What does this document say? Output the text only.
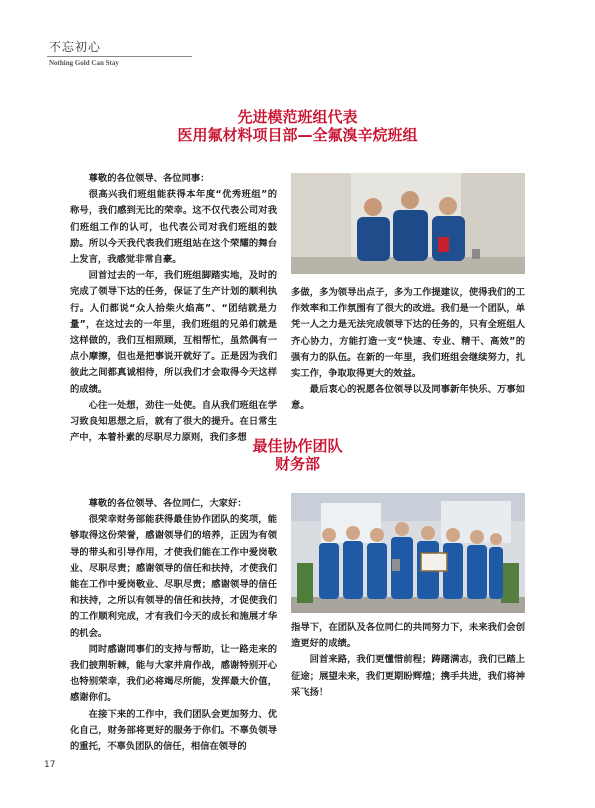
不忘初心
Nothing Gold Can Stay
先进模范班组代表
医用氟材料项目部—全氟溴辛烷班组

尊敬的各位领导、各位同事：

很高兴我们班组能获得本年度“优秀班组”的称号，我们感到无比的荣幸。这不仅代表公司对我们班组工作的认可，也代表公司对我们班组的鼓励。所以今天我代表我们班组站在这个荣耀的舞台上发言，我感觉非常自豪。

回首过去的一年，我们班组脚踏实地，及时的完成了领导下达的任务，保证了生产计划的顺利执行。人们都说“众人拾柴火焰高”、“团结就是力量”，在这过去的一年里，我们班组的兄弟们就是这样做的，我们互相照顾，互相帮忙，虽然偶有一点小摩擦，但也是把事说开就好了。正是因为我们彼此之间都真诚相待，所以我们才会取得今天这样的成绩。

心往一处想，劲往一处使。自从我们班组在学习致良知思想之后，就有了很大的提升。在日常生产中，本着朴素的尽职尽力原则，我们多想

多做，多为领导出点子，多为工作提建议，使得我们的工作效率和工作氛围有了很大的改进。我们是一个团队，单凭一人之力是无法完成领导下达的任务的，只有全班组人齐心协力，方能打造一支“快速、专业、精干、高效”的强有力的队伍。在新的一年里，我们班组会继续努力，扎实工作，争取取得更大的效益。

最后衷心的祝愿各位领导以及同事新年快乐、万事如意。

最佳协作团队
财务部

尊敬的各位领导、各位同仁，大家好：

很荣幸财务部能获得最佳协作团队的奖项，能够取得这份荣誉，感谢领导们的培养，正因为有领导的带头和引导作用，才使我们能在工作中爱岗敬业、尽职尽责；感谢领导的信任和扶持，才使我们能在工作中爱岗敬业、尽职尽责；感谢领导的信任和扶持，之所以有领导的信任和扶持，才促使我们的工作顺利完成，才有我们今天的成长和施展才华的机会。

同时感谢同事们的支持与帮助，让一路走来的我们披荆斩棘，能与大家并肩作战，感谢特别开心也特别荣幸，我们必将竭尽所能，发挥最大价值，感谢你们。

在接下来的工作中，我们团队会更加努力、优化自己，财务部将更好的服务于你们。不辜负领导的重托，不辜负团队的信任，相信在领导的

指导下，在团队及各位同仁的共同努力下，未来我们会创造更好的成绩。

回首来路，我们更懂惜前程；踌躇满志，我们已踏上征途；展望未来，我们更期盼辉煌；携手共进，我们将神采飞扬！

17
